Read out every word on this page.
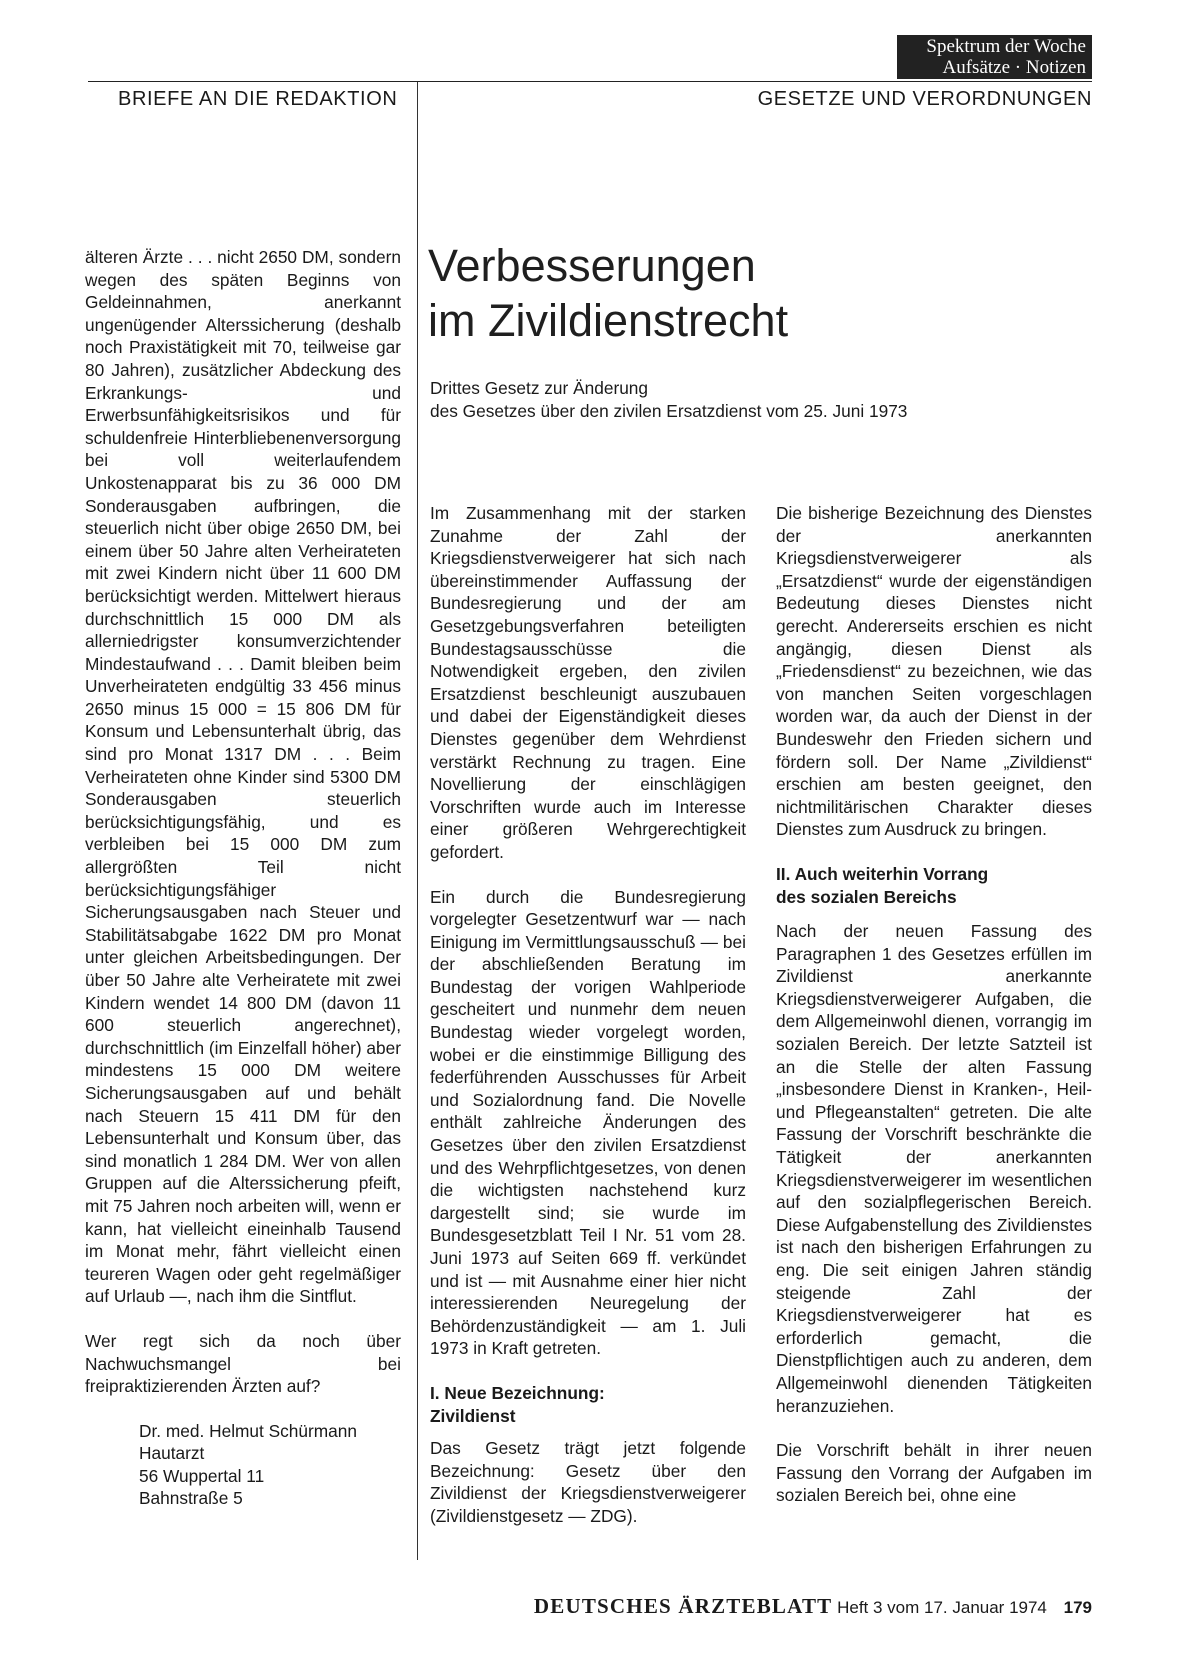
Spektrum der Woche
Aufsätze · Notizen
BRIEFE AN DIE REDAKTION	GESETZE UND VERORDNUNGEN

älteren Ärzte . . . nicht 2650 DM, sondern wegen des späten Beginns von Geldeinnahmen, anerkannt ungenügender Alterssicherung (deshalb noch Praxistätigkeit mit 70, teilweise gar 80 Jahren), zusätzlicher Abdeckung des Erkrankungs- und Erwerbsunfähigkeitsrisikos und für schuldenfreie Hinterbliebenenversorgung bei voll weiterlaufendem Unkostenapparat bis zu 36 000 DM Sonderausgaben aufbringen, die steuerlich nicht über obige 2650 DM, bei einem über 50 Jahre alten Verheirateten mit zwei Kindern nicht über 11 600 DM berücksichtigt werden. Mittelwert hieraus durchschnittlich 15 000 DM als allerniedrigster konsumverzichtender Mindestaufwand . . . Damit bleiben beim Unverheirateten endgültig 33 456 minus 2650 minus 15 000 = 15 806 DM für Konsum und Lebensunterhalt übrig, das sind pro Monat 1317 DM . . . Beim Verheirateten ohne Kinder sind 5300 DM Sonderausgaben steuerlich berücksichtigungsfähig, und es verbleiben bei 15 000 DM zum allergrößten Teil nicht berücksichtigungsfähiger Sicherungsausgaben nach Steuer und Stabilitätsabgabe 1622 DM pro Monat unter gleichen Arbeitsbedingungen. Der über 50 Jahre alte Verheiratete mit zwei Kindern wendet 14 800 DM (davon 11 600 steuerlich angerechnet), durchschnittlich (im Einzelfall höher) aber mindestens 15 000 DM weitere Sicherungsausgaben auf und behält nach Steuern 15 411 DM für den Lebensunterhalt und Konsum über, das sind monatlich 1 284 DM. Wer von allen Gruppen auf die Alterssicherung pfeift, mit 75 Jahren noch arbeiten will, wenn er kann, hat vielleicht eineinhalb Tausend im Monat mehr, fährt vielleicht einen teureren Wagen oder geht regelmäßiger auf Urlaub —, nach ihm die Sintflut.

Wer regt sich da noch über Nachwuchsmangel bei freipraktizierenden Ärzten auf?

Dr. med. Helmut Schürmann
Hautarzt
56 Wuppertal 11
Bahnstraße 5
Verbesserungen
im Zivildienstrecht
Drittes Gesetz zur Änderung
des Gesetzes über den zivilen Ersatzdienst vom 25. Juni 1973

Im Zusammenhang mit der starken Zunahme der Zahl der Kriegsdienstverweigerer hat sich nach übereinstimmender Auffassung der Bundesregierung und der am Gesetzgebungsverfahren beteiligten Bundestagsausschüsse die Notwendigkeit ergeben, den zivilen Ersatzdienst beschleunigt auszubauen und dabei der Eigenständigkeit dieses Dienstes gegenüber dem Wehrdienst verstärkt Rechnung zu tragen. Eine Novellierung der einschlägigen Vorschriften wurde auch im Interesse einer größeren Wehrgerechtigkeit gefordert.

Ein durch die Bundesregierung vorgelegter Gesetzentwurf war — nach Einigung im Vermittlungsausschuß — bei der abschließenden Beratung im Bundestag der vorigen Wahlperiode gescheitert und nunmehr dem neuen Bundestag wieder vorgelegt worden, wobei er die einstimmige Billigung des federführenden Ausschusses für Arbeit und Sozialordnung fand. Die Novelle enthält zahlreiche Änderungen des Gesetzes über den zivilen Ersatzdienst und des Wehrpflichtgesetzes, von denen die wichtigsten nachstehend kurz dargestellt sind; sie wurde im Bundesgesetzblatt Teil I Nr. 51 vom 28. Juni 1973 auf Seiten 669 ff. verkündet und ist — mit Ausnahme einer hier nicht interessierenden Neuregelung der Behördenzuständigkeit — am 1. Juli 1973 in Kraft getreten.

I. Neue Bezeichnung:
Zivildienst

Das Gesetz trägt jetzt folgende Bezeichnung: Gesetz über den Zivildienst der Kriegsdienstverweigerer (Zivildienstgesetz — ZDG).

Die bisherige Bezeichnung des Dienstes der anerkannten Kriegsdienstverweigerer als „Ersatzdienst“ wurde der eigenständigen Bedeutung dieses Dienstes nicht gerecht. Andererseits erschien es nicht angängig, diesen Dienst als „Friedensdienst“ zu bezeichnen, wie das von manchen Seiten vorgeschlagen worden war, da auch der Dienst in der Bundeswehr den Frieden sichern und fördern soll. Der Name „Zivildienst“ erschien am besten geeignet, den nichtmilitärischen Charakter dieses Dienstes zum Ausdruck zu bringen.

II. Auch weiterhin Vorrang
des sozialen Bereichs

Nach der neuen Fassung des Paragraphen 1 des Gesetzes erfüllen im Zivildienst anerkannte Kriegsdienstverweigerer Aufgaben, die dem Allgemeinwohl dienen, vorrangig im sozialen Bereich. Der letzte Satzteil ist an die Stelle der alten Fassung „insbesondere Dienst in Kranken-, Heil- und Pflegeanstalten“ getreten. Die alte Fassung der Vorschrift beschränkte die Tätigkeit der anerkannten Kriegsdienstverweigerer im wesentlichen auf den sozialpflegerischen Bereich. Diese Aufgabenstellung des Zivildienstes ist nach den bisherigen Erfahrungen zu eng. Die seit einigen Jahren ständig steigende Zahl der Kriegsdienstverweigerer hat es erforderlich gemacht, die Dienstpflichtigen auch zu anderen, dem Allgemeinwohl dienenden Tätigkeiten heranzuziehen.

Die Vorschrift behält in ihrer neuen Fassung den Vorrang der Aufgaben im sozialen Bereich bei, ohne eine

DEUTSCHES ÄRZTEBLATT Heft 3 vom 17. Januar 1974 179
